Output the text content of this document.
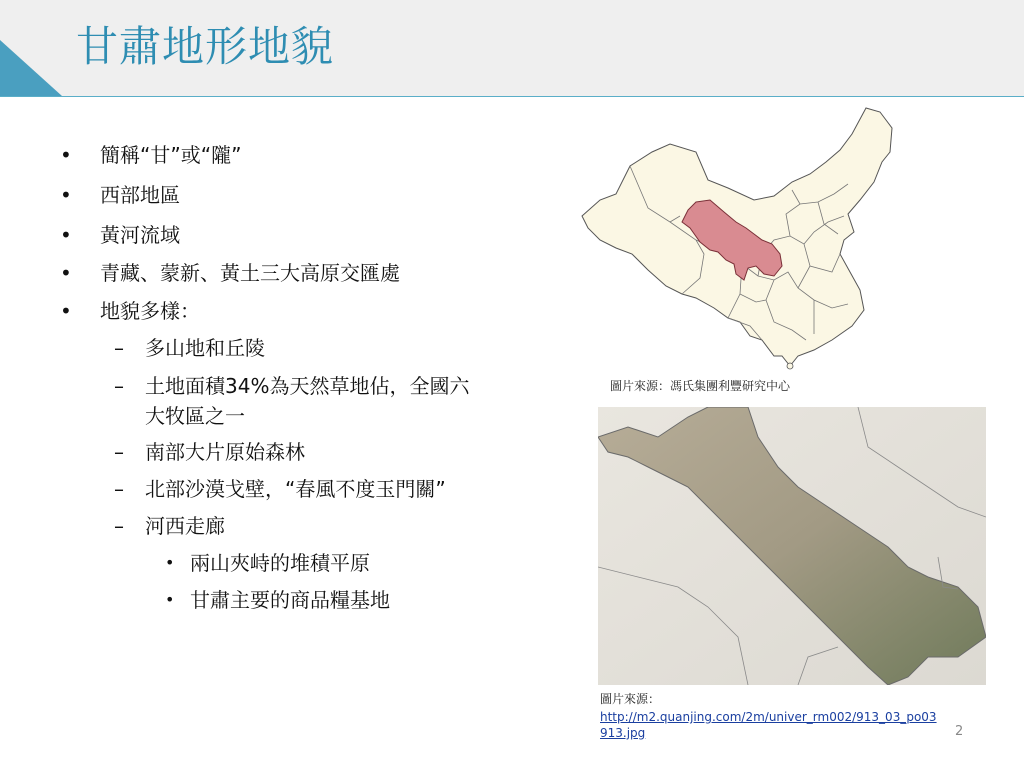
甘肅地形地貌
• 簡稱“甘”或“隴”
• 西部地區
• 黃河流域
• 青藏、蒙新、黃土三大高原交匯處
• 地貌多樣：
– 多山地和丘陵
– 土地面積34%為天然草地佔，全國六
大牧區之一
– 南部大片原始森林
– 北部沙漠戈壁，“春風不度玉門關”
– 河西走廊
• 兩山夾峙的堆積平原
• 甘肅主要的商品糧基地
圖片來源：馮氏集團利豐研究中心
圖片來源：
http://m2.quanjing.com/2m/univer_rm002/913_03_po03913.jpg	2
